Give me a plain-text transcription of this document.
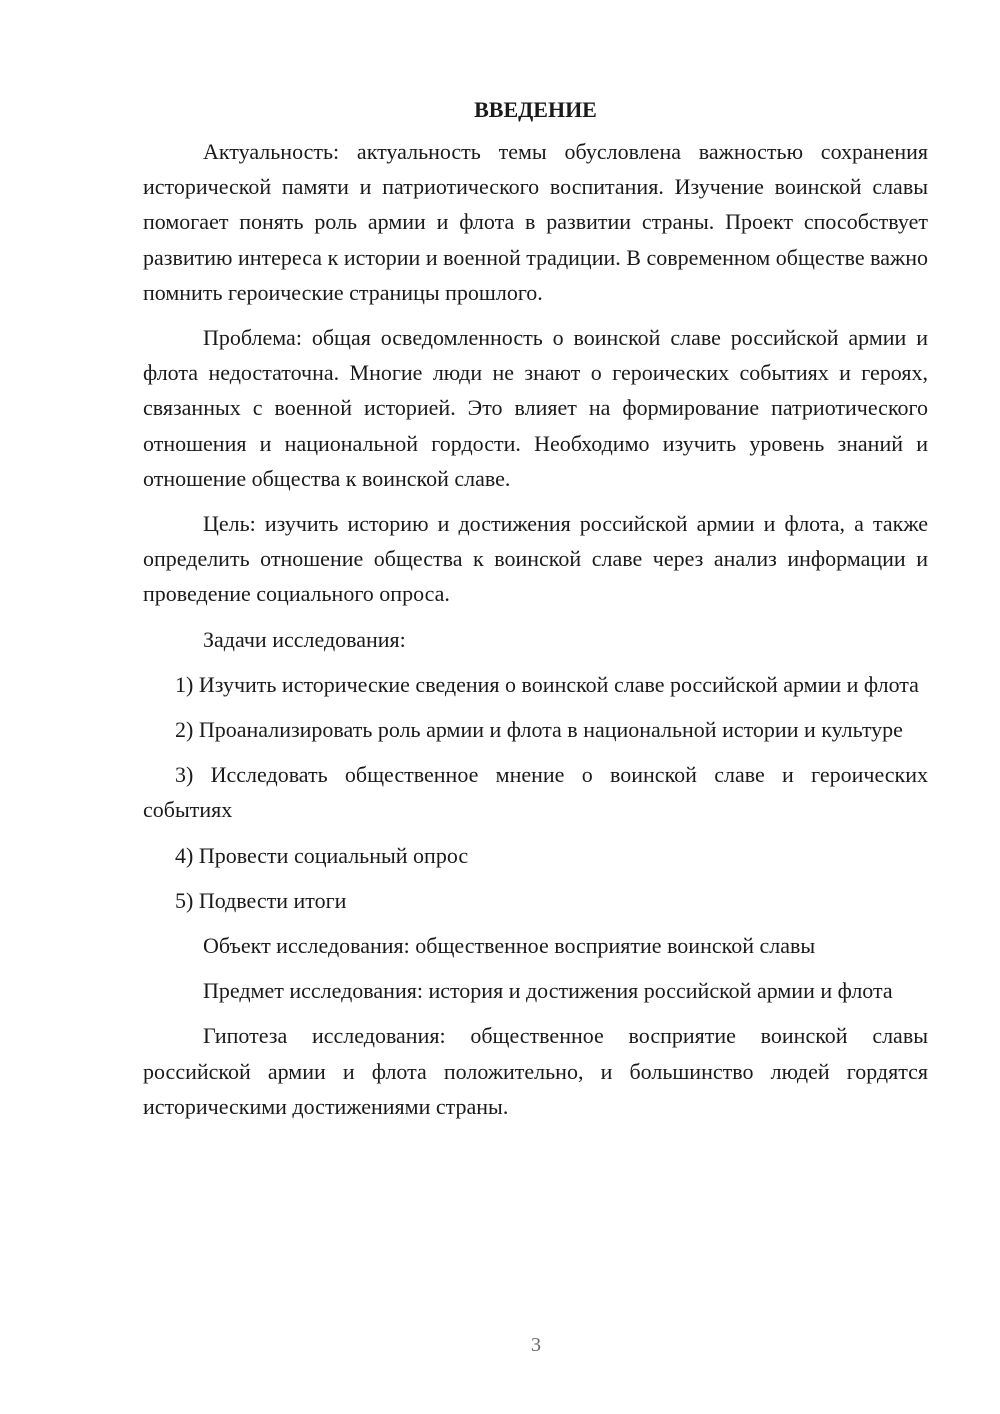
ВВЕДЕНИЕ

Актуальность: актуальность темы обусловлена важностью сохранения исторической памяти и патриотического воспитания. Изучение воинской славы помогает понять роль армии и флота в развитии страны. Проект способствует развитию интереса к истории и военной традиции. В современном обществе важно помнить героические страницы прошлого.

Проблема: общая осведомленность о воинской славе российской армии и флота недостаточна. Многие люди не знают о героических событиях и героях, связанных с военной историей. Это влияет на формирование патриотического отношения и национальной гордости. Необходимо изучить уровень знаний и отношение общества к воинской славе.

Цель: изучить историю и достижения российской армии и флота, а также определить отношение общества к воинской славе через анализ информации и проведение социального опроса.

Задачи исследования:

1) Изучить исторические сведения о воинской славе российской армии и флота

2) Проанализировать роль армии и флота в национальной истории и культуре

3) Исследовать общественное мнение о воинской славе и героических событиях

4) Провести социальный опрос

5) Подвести итоги

Объект исследования: общественное восприятие воинской славы

Предмет исследования: история и достижения российской армии и флота

Гипотеза исследования: общественное восприятие воинской славы российской армии и флота положительно, и большинство людей гордятся историческими достижениями страны.

3
